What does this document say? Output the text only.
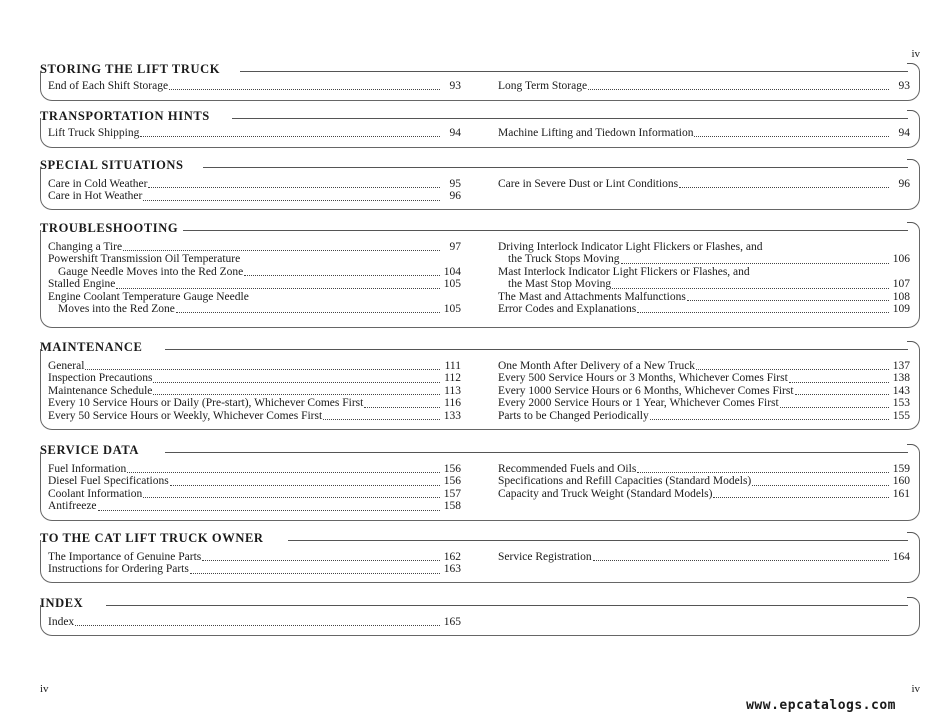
iv
STORING THE LIFT TRUCK
End of Each Shift Storage	93	Long Term Storage	93
TRANSPORTATION HINTS
Lift Truck Shipping	94	Machine Lifting and Tiedown Information	94
SPECIAL SITUATIONS
Care in Cold Weather	95
Care in Hot Weather	96
Care in Severe Dust or Lint Conditions	96
TROUBLESHOOTING
Changing a Tire	97
Powershift Transmission Oil Temperature
Gauge Needle Moves into the Red Zone	104
Stalled Engine	105
Engine Coolant Temperature Gauge Needle
Moves into the Red Zone	105
Driving Interlock Indicator Light Flickers or Flashes, and
the Truck Stops Moving	106
Mast Interlock Indicator Light Flickers or Flashes, and
the Mast Stop Moving	107
The Mast and Attachments Malfunctions	108
Error Codes and Explanations	109
MAINTENANCE
General	111
Inspection Precautions	112
Maintenance Schedule	113
Every 10 Service Hours or Daily (Pre-start), Whichever Comes First	116
Every 50 Service Hours or Weekly, Whichever Comes First	133
One Month After Delivery of a New Truck	137
Every 500 Service Hours or 3 Months, Whichever Comes First	138
Every 1000 Service Hours or 6 Months, Whichever Comes First	143
Every 2000 Service Hours or 1 Year, Whichever Comes First	153
Parts to be Changed Periodically	155
SERVICE DATA
Fuel Information	156
Diesel Fuel Specifications	156
Coolant Information	157
Antifreeze	158
Recommended Fuels and Oils	159
Specifications and Refill Capacities (Standard Models)	160
Capacity and Truck Weight (Standard Models)	161
TO THE CAT LIFT TRUCK OWNER
The Importance of Genuine Parts	162
Instructions for Ordering Parts	163
Service Registration	164
INDEX
Index	165
iv	iv
www.epcatalogs.com
